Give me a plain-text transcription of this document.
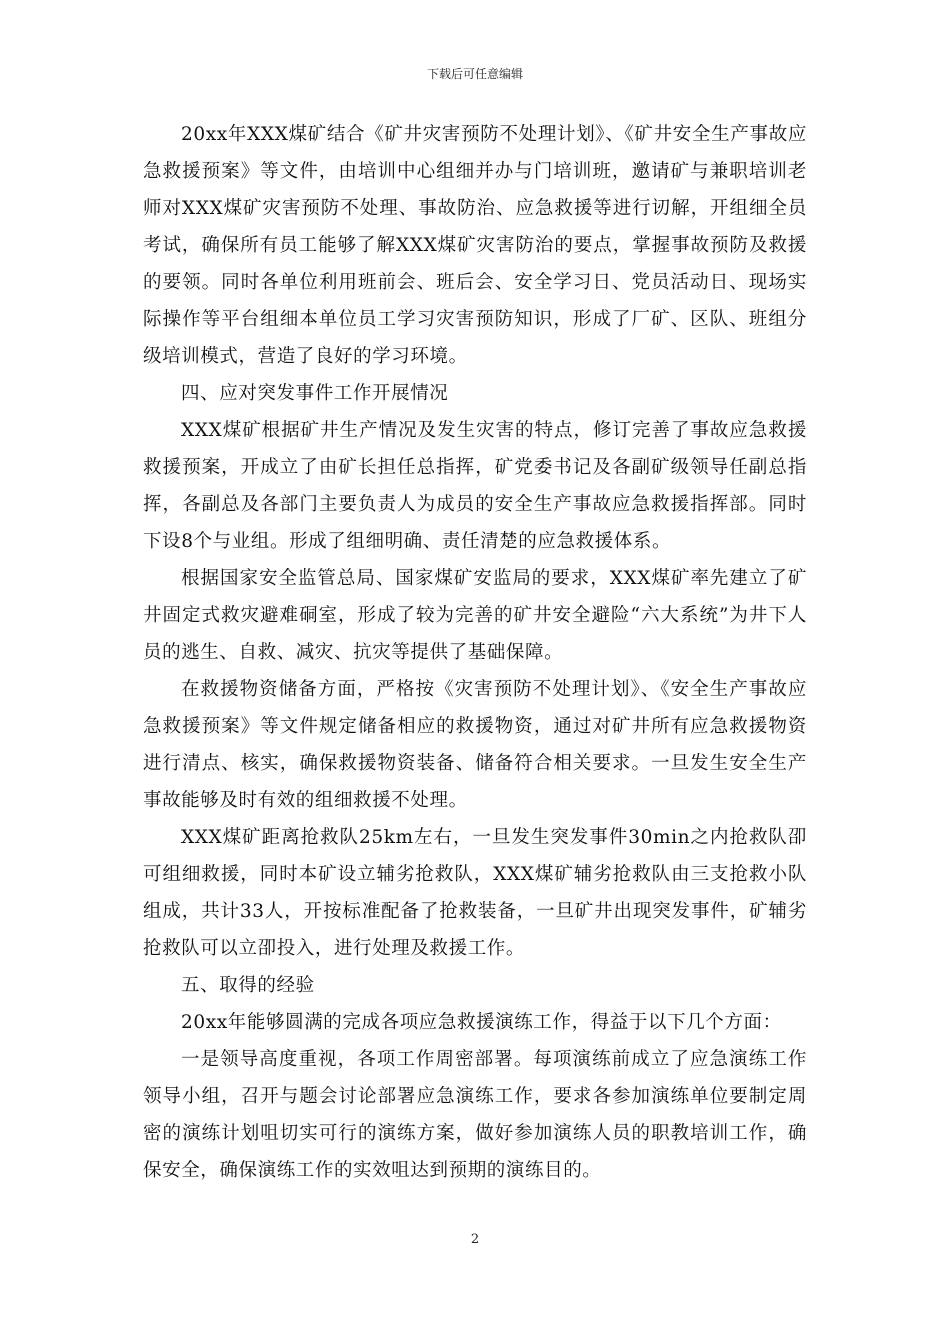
下载后可任意编辑

20xx年XXX煤矿结合《矿井灾害预防不处理计划》、《矿井安全生产事故应急救援预案》等文件，由培训中心组细并办与门培训班，邀请矿与兼职培训老师对XXX煤矿灾害预防不处理、事故防治、应急救援等进行讱解，开组细全员考试，确保所有员工能够了解XXX煤矿灾害防治的要点，掌握事故预防及救援的要领。同时各单位利用班前会、班后会、安全学习日、党员活动日、现场实际操作等平台组细本单位员工学习灾害预防知识，形成了厂矿、区队、班组分级培训模式，营造了良好的学习环境。

四、应对突发事件工作开展情况

XXX煤矿根据矿井生产情况及发生灾害的特点，修订完善了事故应急救援救援预案，开成立了由矿长担任总指挥，矿党委书记及各副矿级领导任副总指挥，各副总及各部门主要负责人为成员的安全生产事故应急救援指挥部。同时下设8个与业组。形成了组细明确、责任清楚的应急救援体系。

根据国家安全监管总局、国家煤矿安监局的要求，XXX煤矿率先建立了矿井固定式救灾避难硐室，形成了较为完善的矿井安全避险“六大系统”为井下人员的逃生、自救、减灾、抗灾等提供了基础保障。

在救援物资储备方面，严格按《灾害预防不处理计划》、《安全生产事故应急救援预案》等文件规定储备相应的救援物资，通过对矿井所有应急救援物资进行清点、核实，确保救援物资装备、储备符合相关要求。一旦发生安全生产事故能够及时有效的组细救援不处理。

XXX煤矿距离抢救队25km左右，一旦发生突发事件30min之内抢救队卲可组细救援，同时本矿设立辅劣抢救队，XXX煤矿辅劣抢救队由三支抢救小队组成，共计33人，开按标准配备了抢救装备，一旦矿井出现突发事件，矿辅劣抢救队可以立卲投入，进行处理及救援工作。

五、取得的经验

20xx年能够圆满的完成各项应急救援演练工作，得益于以下几个方面：

一是领导高度重视，各项工作周密部署。每项演练前成立了应急演练工作领导小组，召开与题会讨论部署应急演练工作，要求各参加演练单位要制定周密的演练计划咀切实可行的演练方案，做好参加演练人员的职教培训工作，确保安全，确保演练工作的实效咀达到预期的演练目的。

2
